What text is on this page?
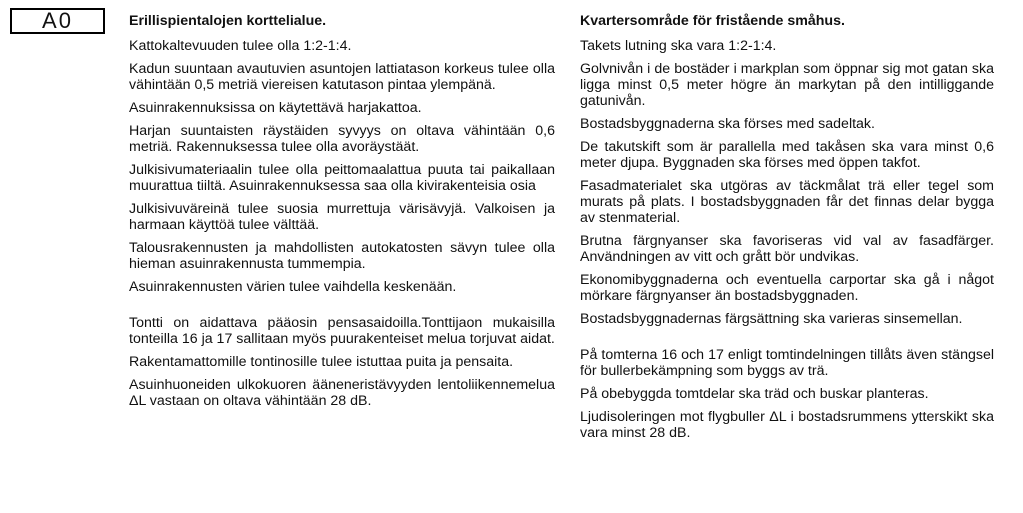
A0	Erillispientalojen korttelialue.
Kattokaltevuuden tulee olla 1:2-1:4.
Kadun suuntaan avautuvien asuntojen lattiatason korkeus tulee olla vähintään 0,5 metriä viereisen katutason pintaa ylempänä.
Asuinrakennuksissa on käytettävä harjakattoa.
Harjan suuntaisten räystäiden syvyys on oltava vähintään 0,6 metriä. Rakennuksessa tulee olla avoräystäät.
Julkisivumateriaalin tulee olla peittomaalattua puuta tai paikallaan muurattua tiiltä. Asuinrakennuksessa saa olla kivirakenteisia osia
Julkisivuväreinä tulee suosia murrettuja värisävyjä. Valkoisen ja harmaan käyttöä tulee välttää.
Talousrakennusten ja mahdollisten autokatosten sävyn tulee olla hieman asuinrakennusta tummempia.
Asuinrakennusten värien tulee vaihdella keskenään.
Tontti on aidattava pääosin pensasaidoilla.Tonttijaon mukaisilla tonteilla 16 ja 17 sallitaan myös puurakenteiset melua torjuvat aidat.
Rakentamattomille tontinosille tulee istuttaa puita ja pensaita.
Asuinhuoneiden ulkokuoren ääneneristävyyden lentoliikennemelua ΔL vastaan on oltava vähintään 28 dB.
Kvartersområde för fristående småhus.
Takets lutning ska vara 1:2-1:4.
Golvnivån i de bostäder i markplan som öppnar sig mot gatan ska ligga minst 0,5 meter högre än markytan på den intilliggande gatunivån.
Bostadsbyggnaderna ska förses med sadeltak.
De takutskift som är parallella med takåsen ska vara minst 0,6 meter djupa. Byggnaden ska förses med öppen takfot.
Fasadmaterialet ska utgöras av täckmålat trä eller tegel som murats på plats. I bostadsbyggnaden får det finnas delar bygga av stenmaterial.
Brutna färgnyanser ska favoriseras vid val av fasadfärger. Användningen av vitt och grått bör undvikas.
Ekonomibyggnaderna och eventuella carportar ska gå i något mörkare färgnyanser än bostadsbyggnaden.
Bostadsbyggnadernas färgsättning ska varieras sinsemellan.
På tomterna 16 och 17 enligt tomtindelningen tillåts även stängsel för bullerbekämpning som byggs av trä.
På obebyggda tomtdelar ska träd och buskar planteras.
Ljudisoleringen mot flygbuller ΔL i bostadsrummens ytterskikt ska vara minst 28 dB.
